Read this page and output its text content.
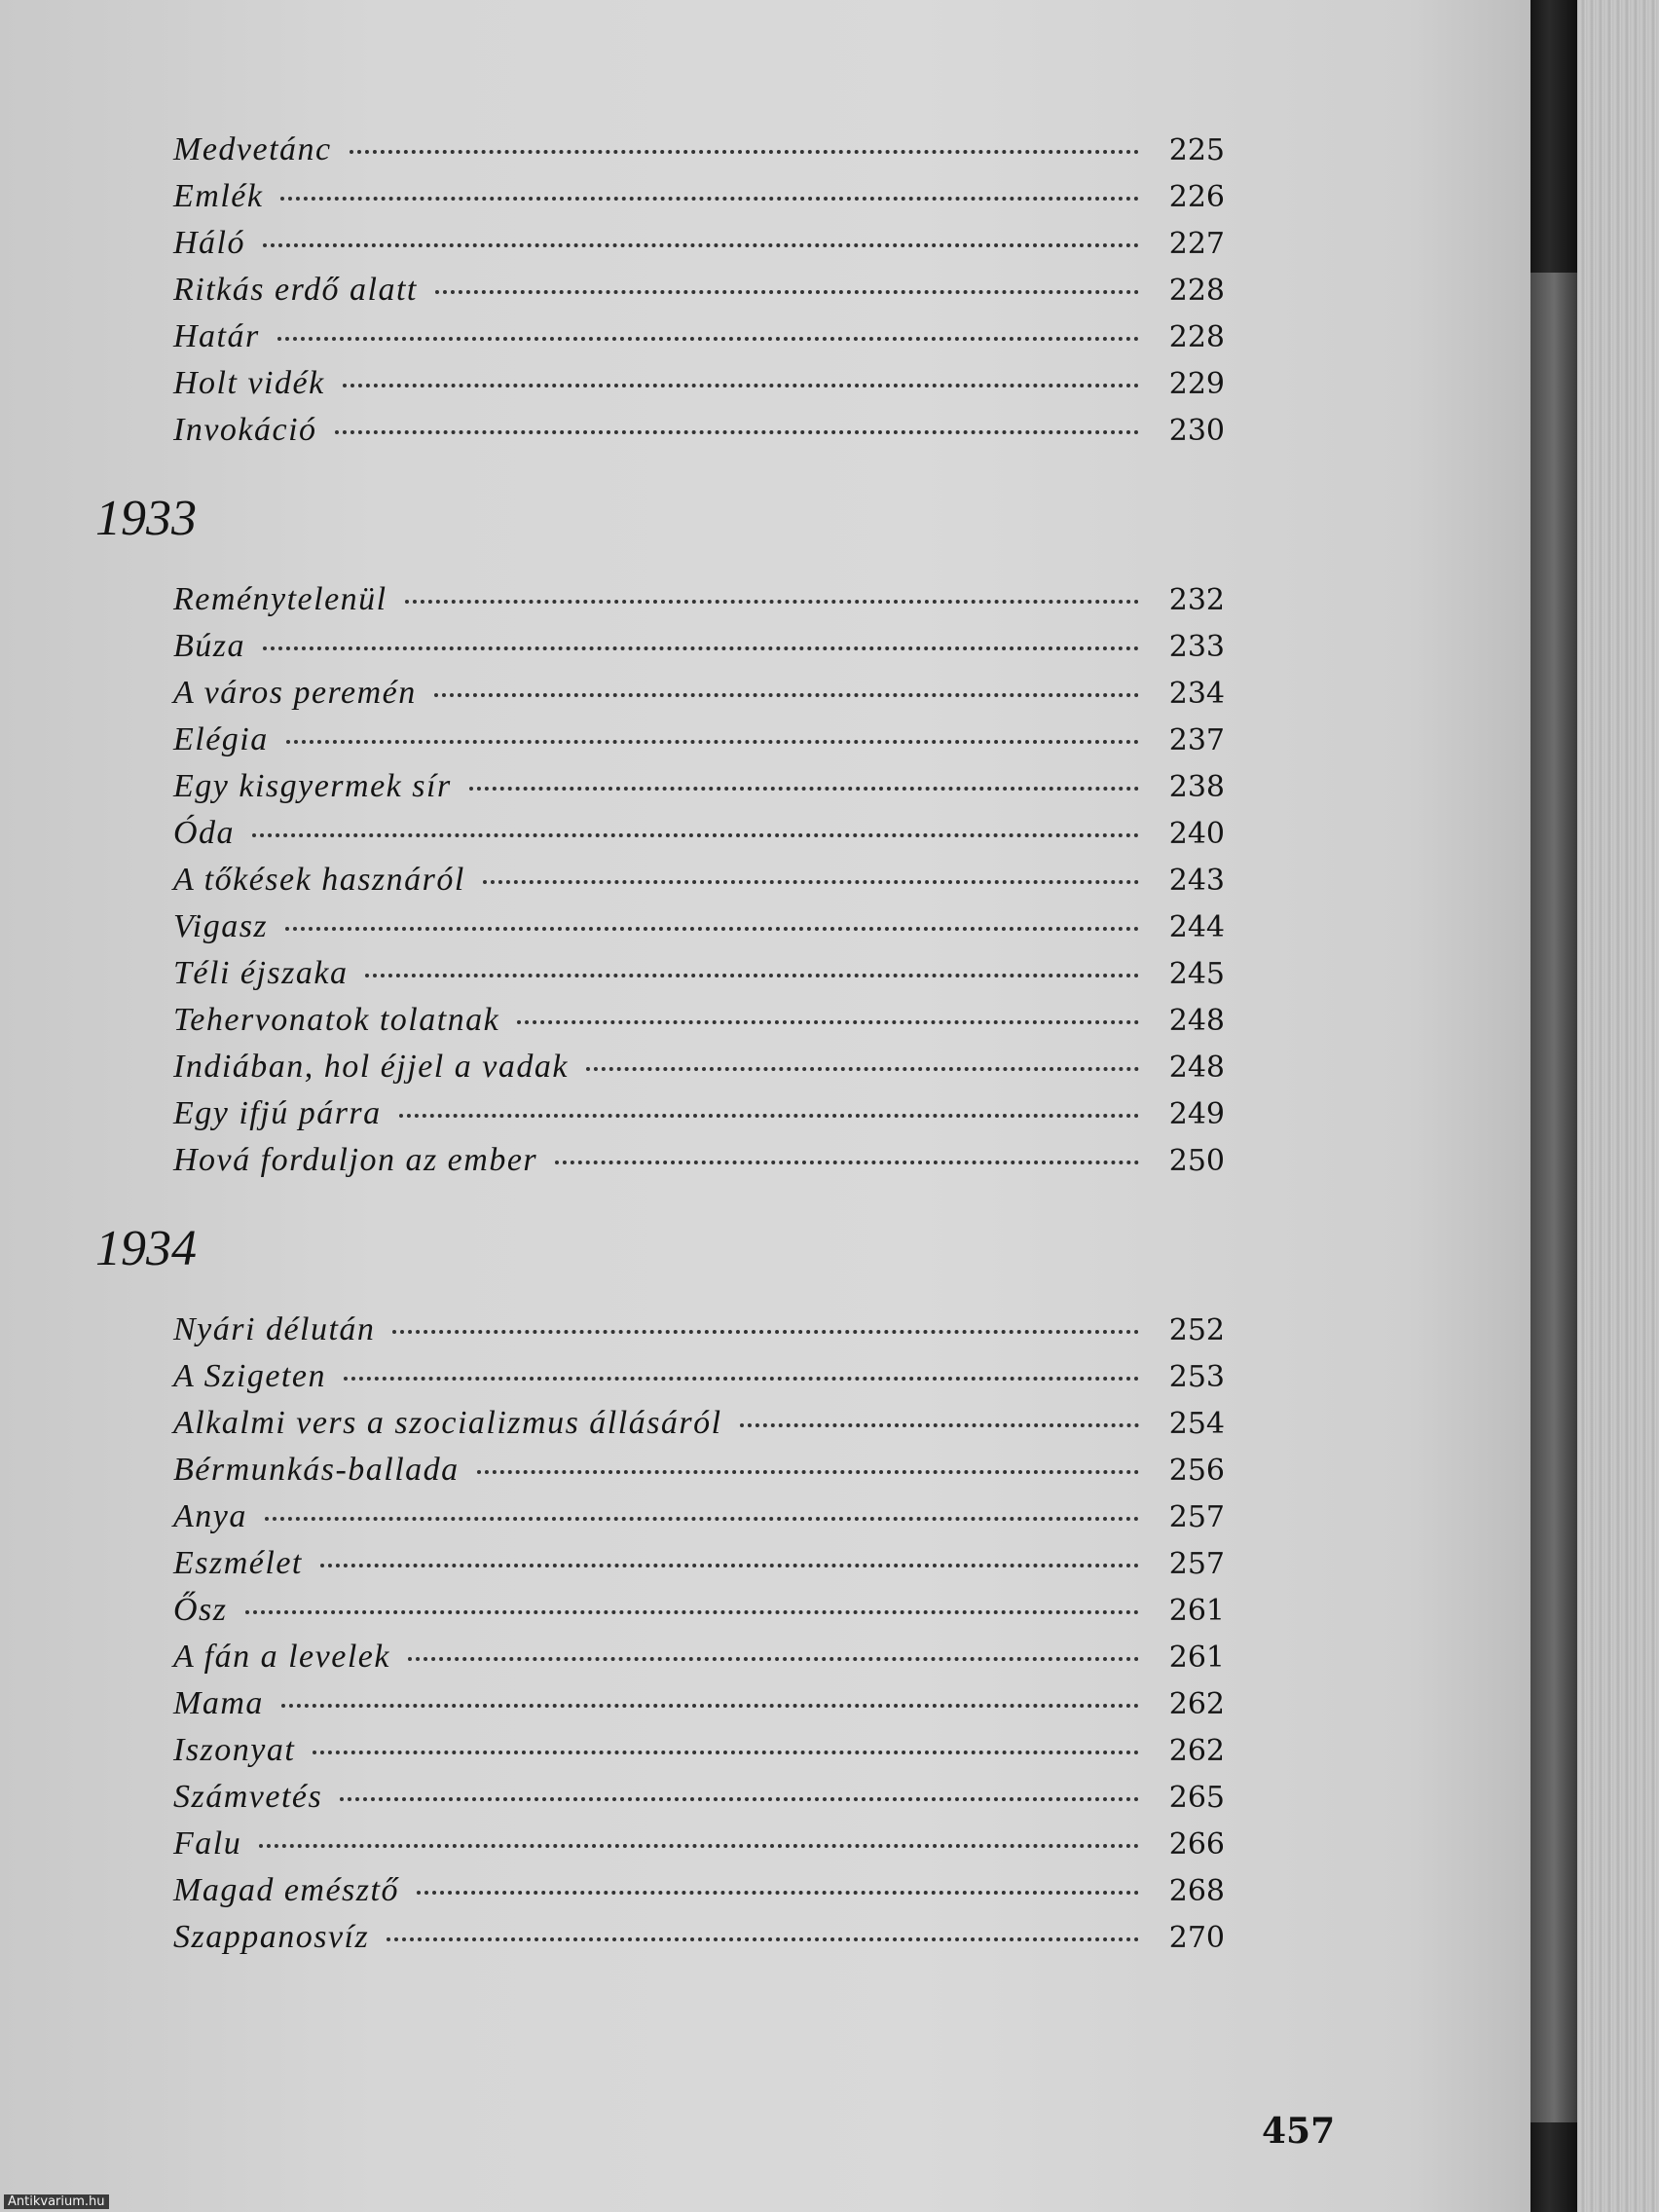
Medvetánc	225
Emlék	226
Háló	227
Ritkás erdő alatt	228
Határ	228
Holt vidék	229
Invokáció	230
1933
Reménytelenül	232
Búza	233
A város peremén	234
Elégia	237
Egy kisgyermek sír	238
Óda	240
A tőkések hasznáról	243
Vigasz	244
Téli éjszaka	245
Tehervonatok tolatnak	248
Indiában, hol éjjel a vadak	248
Egy ifjú párra	249
Hová forduljon az ember	250
1934
Nyári délután	252
A Szigeten	253
Alkalmi vers a szocializmus állásáról	254
Bérmunkás-ballada	256
Anya	257
Eszmélet	257
Ősz	261
A fán a levelek	261
Mama	262
Iszonyat	262
Számvetés	265
Falu	266
Magad emésztő	268
Szappanosvíz	270
457
Antikvarium.hu
